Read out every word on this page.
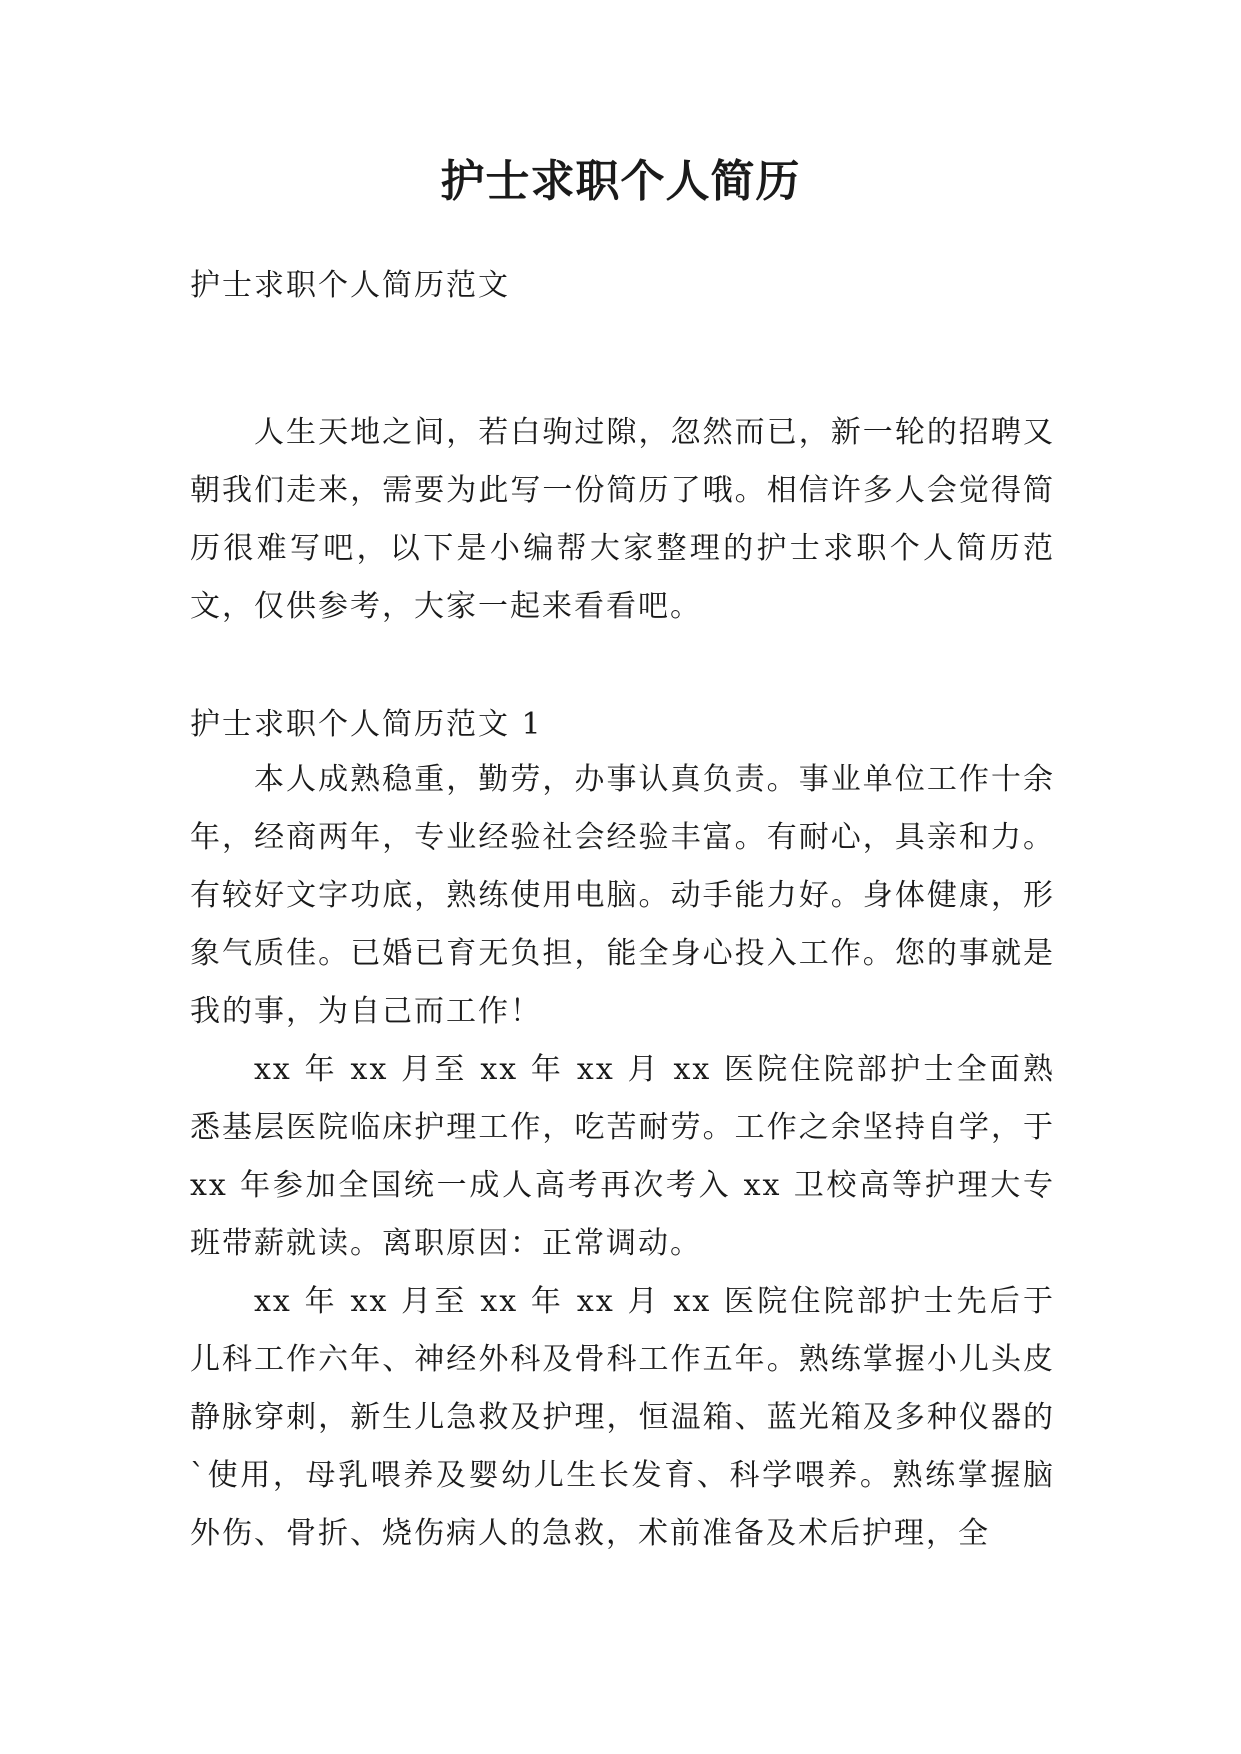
护士求职个人简历

护士求职个人简历范文

人生天地之间，若白驹过隙，忽然而已，新一轮的招聘又朝我们走来，需要为此写一份简历了哦。相信许多人会觉得简历很难写吧，以下是小编帮大家整理的护士求职个人简历范文，仅供参考，大家一起来看看吧。

护士求职个人简历范文 1

本人成熟稳重，勤劳，办事认真负责。事业单位工作十余年，经商两年，专业经验社会经验丰富。有耐心，具亲和力。有较好文字功底，熟练使用电脑。动手能力好。身体健康，形象气质佳。已婚已育无负担，能全身心投入工作。您的事就是我的事，为自己而工作！

xx 年 xx 月至 xx 年 xx 月 xx 医院住院部护士全面熟悉基层医院临床护理工作，吃苦耐劳。工作之余坚持自学，于 xx 年参加全国统一成人高考再次考入 xx 卫校高等护理大专班带薪就读。离职原因：正常调动。

xx 年 xx 月至 xx 年 xx 月 xx 医院住院部护士先后于儿科工作六年、神经外科及骨科工作五年。熟练掌握小儿头皮静脉穿刺，新生儿急救及护理，恒温箱、蓝光箱及多种仪器的`使用，母乳喂养及婴幼儿生长发育、科学喂养。熟练掌握脑外伤、骨折、烧伤病人的急救，术前准备及术后护理，全
